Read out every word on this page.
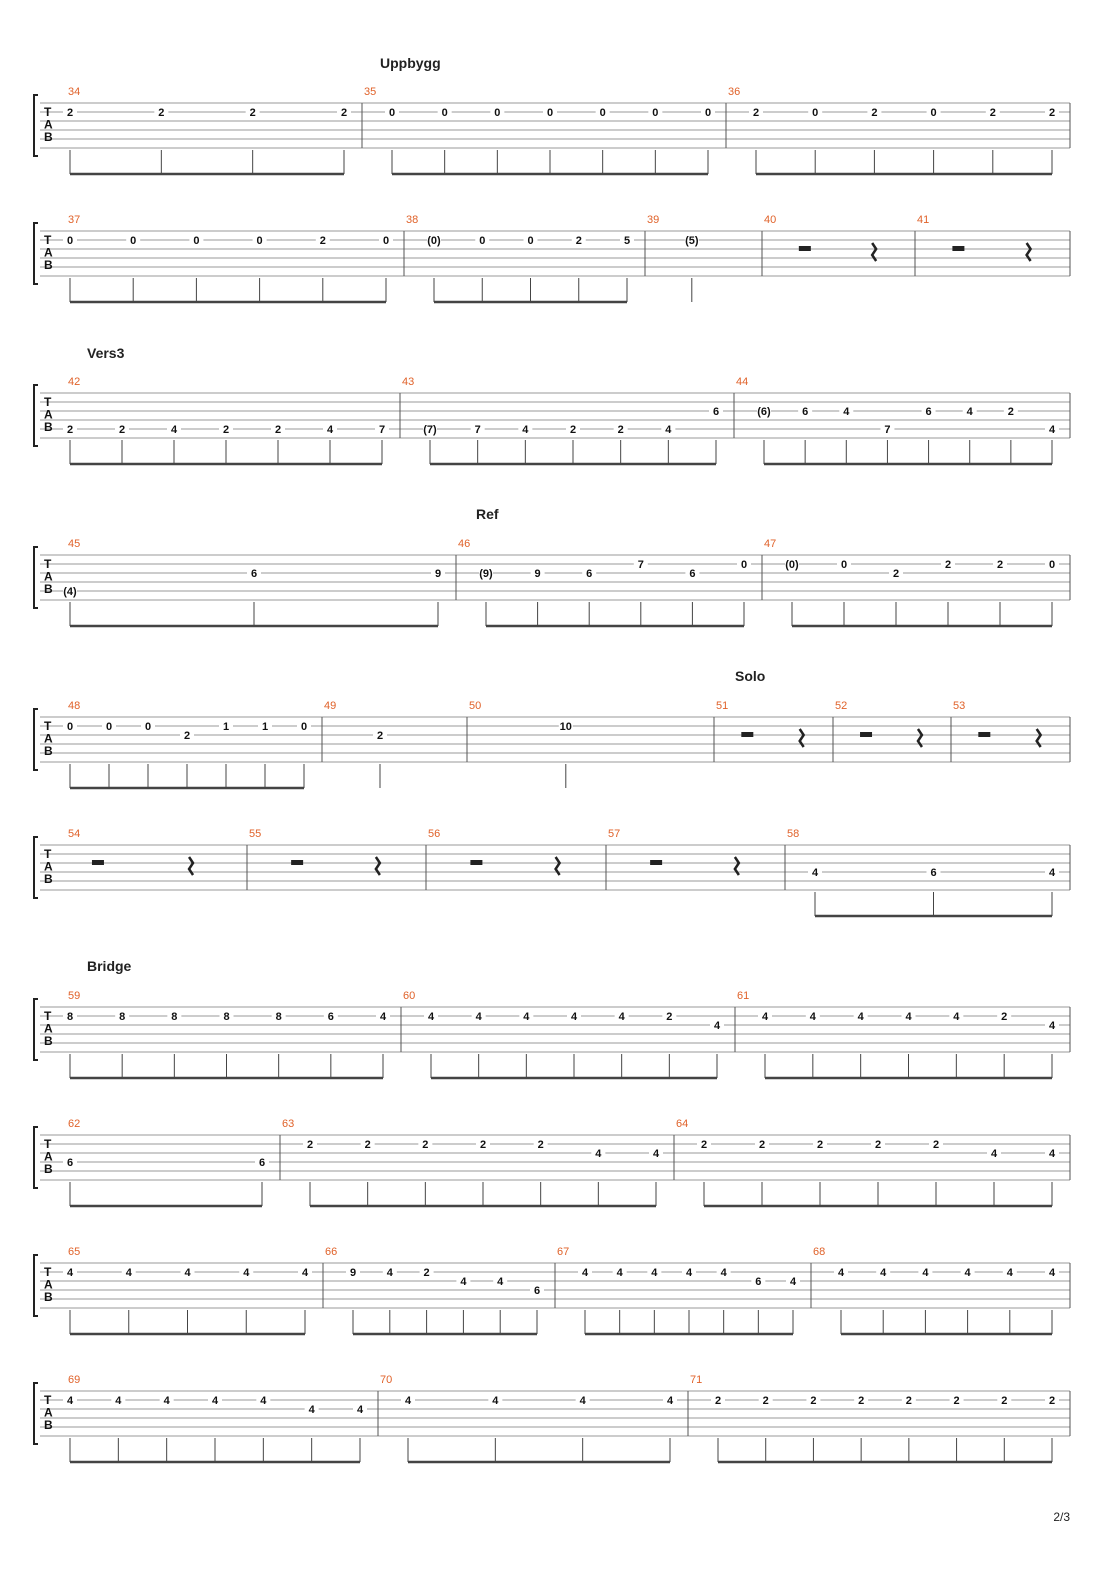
Uppbygg
T
A
B
34
2	2	2	2
35
0	0	0	0	0	0	0
36
2	0	2	0	2	2
T
A
B
37
0	0	0	0	2	0
38
(0)	0	0	2	5
39
(5)
40	41
Vers3
T
A
B
42
2	2	4	2	2	4	7
43
(7)	7	4	2	2	4
6
44
(6)	6	4
7
6	4	2
4
Ref
T
A
B
45
(4)
6	9
46
(9)	9	6
7
6
0
47
(0)	0
2
2	2	0
Solo
T
A
B
48
0	0	0
2
1	1	0
49
2
50
10
51	52	53
T
A
B
54	55	56	57	58
4	6	4
Bridge
T
A
B
59
8	8	8	8	8	6	4
60
4	4	4	4	4	2
4
61
4	4	4	4	4	2
4
T
A
B
62
6	6
63
2	2	2	2	2
4	4
64
2	2	2	2	2
4	4
T
A
B
65
4	4	4	4	4
66
9	4	2
4	4
6
67
4	4	4	4	4
6	4
68
4	4	4	4	4	4
T
A
B
69
4	4	4	4	4
4	4
70
4	4	4	4
71
2	2	2	2	2	2	2	2
2/3
